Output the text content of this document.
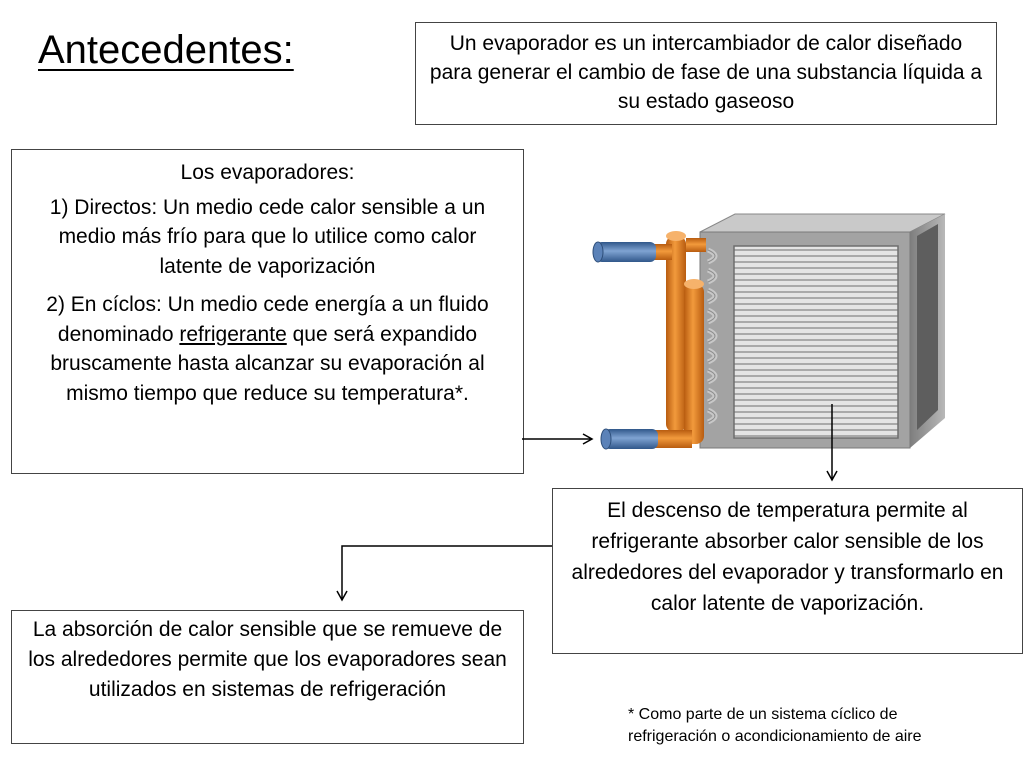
Antecedentes:	Un evaporador es un intercambiador de calor diseñado para generar el cambio de fase de una substancia líquida a su estado gaseoso

Los evaporadores:

1) Directos: Un medio cede calor sensible a un medio más frío para que lo utilice como calor latente de vaporización

2) En cíclos: Un medio cede energía a un fluido denominado refrigerante que será expandido bruscamente hasta alcanzar su evaporación al mismo tiempo que reduce su temperatura*.

El descenso de temperatura permite al refrigerante absorber calor sensible de los alrededores del evaporador y transformarlo en calor latente de vaporización.
La absorción de calor sensible que se remueve de los alrededores permite que los evaporadores sean utilizados en sistemas de refrigeración
* Como parte de un sistema cíclico de
refrigeración o acondicionamiento de aire
